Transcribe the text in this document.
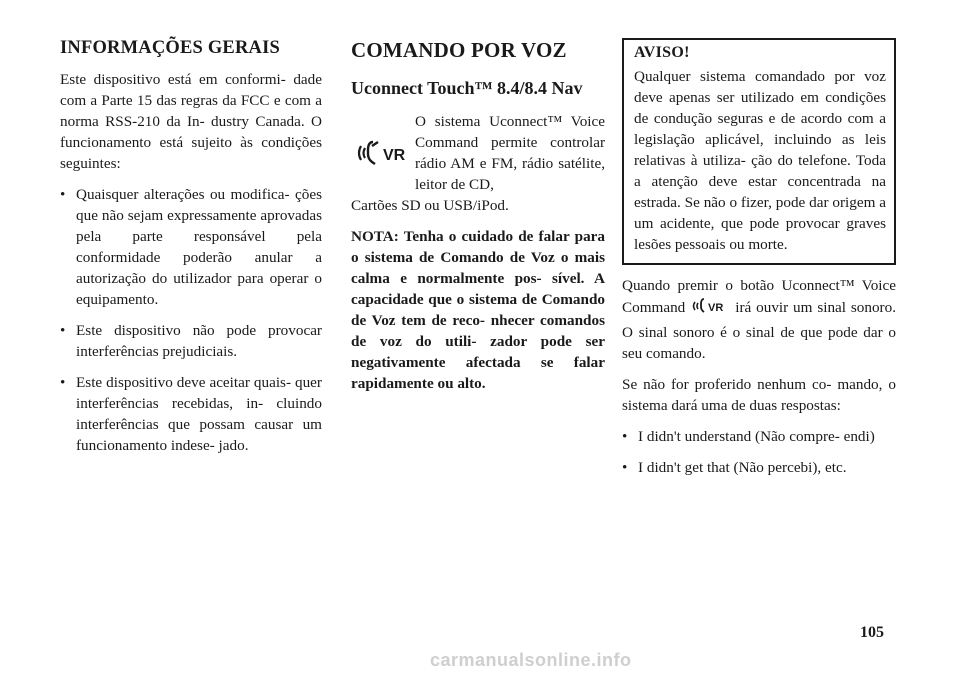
INFORMAÇÕES GERAIS

Este dispositivo está em conformi- dade com a Parte 15 das regras da FCC e com a norma RSS-210 da In- dustry Canada. O funcionamento está sujeito às condições seguintes:

• Quaisquer alterações ou modifica- ções que não sejam expressamente aprovadas pela parte responsável pela conformidade poderão anular a autorização do utilizador para operar o equipamento.
• Este dispositivo não pode provocar interferências prejudiciais.
• Este dispositivo deve aceitar quais- quer interferências recebidas, in- cluindo interferências que possam causar um funcionamento indese- jado.
COMANDO POR VOZ
Uconnect Touch™ 8.4/8.4 Nav
VR
O sistema Uconnect™ Voice Command permite controlar rádio AM e FM, rádio satélite, leitor de CD,

Cartões SD ou USB/iPod.

NOTA: Tenha o cuidado de falar para o sistema de Comando de Voz o mais calma e normalmente pos- sível. A capacidade que o sistema de Comando de Voz tem de reco- nhecer comandos de voz do utili- zador pode ser negativamente afectada se falar rapidamente ou alto.
AVISO!

Qualquer sistema comandado por voz deve apenas ser utilizado em condições de condução seguras e de acordo com a legislação aplicável, incluindo as leis relativas à utiliza- ção do telefone. Toda a atenção deve estar concentrada na estrada. Se não o fizer, pode dar origem a um acidente, que pode provocar graves lesões pessoais ou morte.

Quando premir o botão Uconnect™ Voice Command VR irá ouvir um sinal sonoro. O sinal sonoro é o sinal de que pode dar o seu comando.

Se não for proferido nenhum co- mando, o sistema dará uma de duas respostas:

• I didn't understand (Não compre- endi)
• I didn't get that (Não percebi), etc.
105
carmanualsonline.info
